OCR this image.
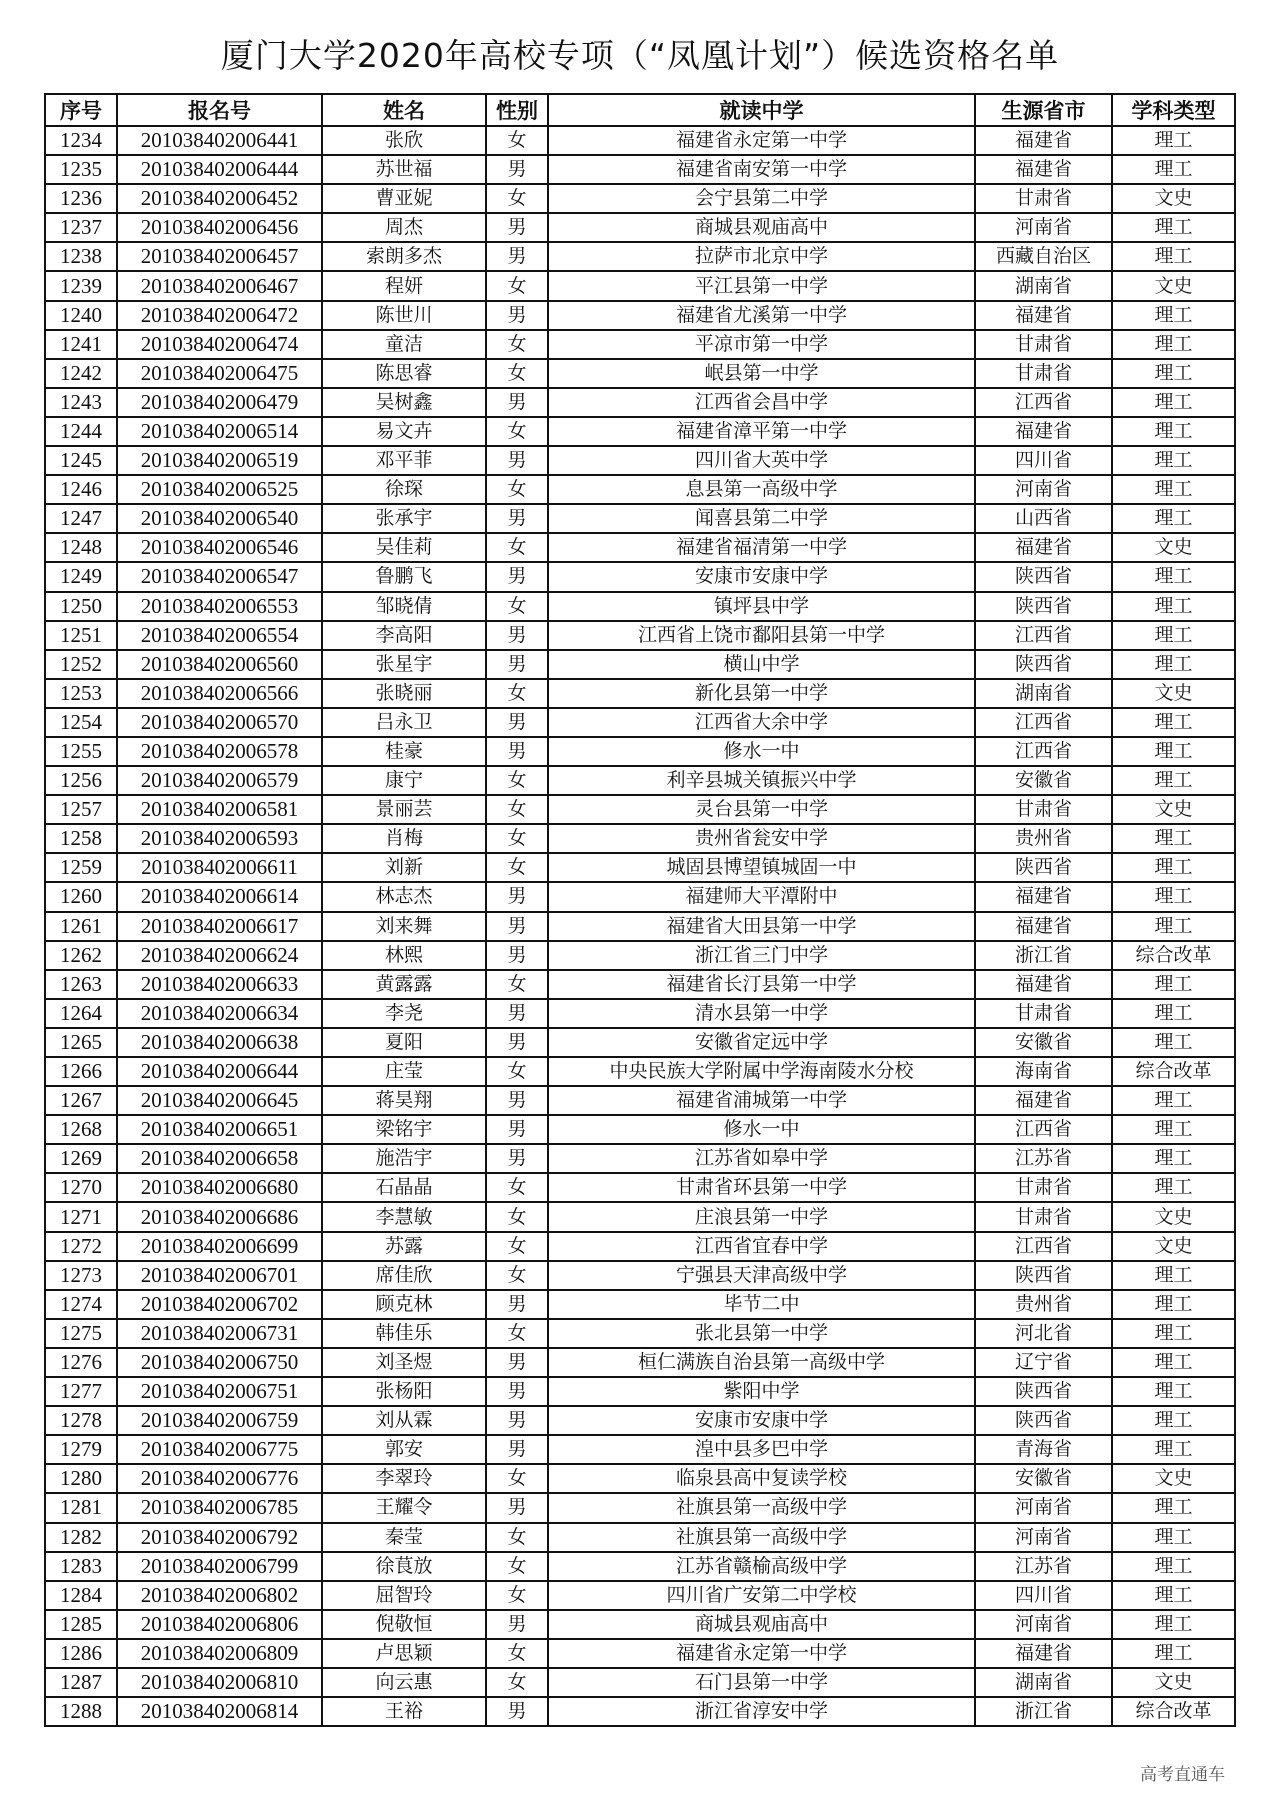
厦门大学2020年高校专项（“凤凰计划”）候选资格名单
序号	报名号	姓名	性别	就读中学	生源省市	学科类型
1234	201038402006441	张欣	女	福建省永定第一中学	福建省	理工
1235	201038402006444	苏世福	男	福建省南安第一中学	福建省	理工
1236	201038402006452	曹亚妮	女	会宁县第二中学	甘肃省	文史
1237	201038402006456	周杰	男	商城县观庙高中	河南省	理工
1238	201038402006457	索朗多杰	男	拉萨市北京中学	西藏自治区	理工
1239	201038402006467	程妍	女	平江县第一中学	湖南省	文史
1240	201038402006472	陈世川	男	福建省尤溪第一中学	福建省	理工
1241	201038402006474	童洁	女	平凉市第一中学	甘肃省	理工
1242	201038402006475	陈思睿	女	岷县第一中学	甘肃省	理工
1243	201038402006479	吴树鑫	男	江西省会昌中学	江西省	理工
1244	201038402006514	易文卉	女	福建省漳平第一中学	福建省	理工
1245	201038402006519	邓平菲	男	四川省大英中学	四川省	理工
1246	201038402006525	徐琛	女	息县第一高级中学	河南省	理工
1247	201038402006540	张承宇	男	闻喜县第二中学	山西省	理工
1248	201038402006546	吴佳莉	女	福建省福清第一中学	福建省	文史
1249	201038402006547	鲁鹏飞	男	安康市安康中学	陕西省	理工
1250	201038402006553	邹晓倩	女	镇坪县中学	陕西省	理工
1251	201038402006554	李高阳	男	江西省上饶市鄱阳县第一中学	江西省	理工
1252	201038402006560	张星宇	男	横山中学	陕西省	理工
1253	201038402006566	张晓丽	女	新化县第一中学	湖南省	文史
1254	201038402006570	吕永卫	男	江西省大余中学	江西省	理工
1255	201038402006578	桂豪	男	修水一中	江西省	理工
1256	201038402006579	康宁	女	利辛县城关镇振兴中学	安徽省	理工
1257	201038402006581	景丽芸	女	灵台县第一中学	甘肃省	文史
1258	201038402006593	肖梅	女	贵州省瓮安中学	贵州省	理工
1259	201038402006611	刘新	女	城固县博望镇城固一中	陕西省	理工
1260	201038402006614	林志杰	男	福建师大平潭附中	福建省	理工
1261	201038402006617	刘来舞	男	福建省大田县第一中学	福建省	理工
1262	201038402006624	林熙	男	浙江省三门中学	浙江省	综合改革
1263	201038402006633	黄露露	女	福建省长汀县第一中学	福建省	理工
1264	201038402006634	李尧	男	清水县第一中学	甘肃省	理工
1265	201038402006638	夏阳	男	安徽省定远中学	安徽省	理工
1266	201038402006644	庄莹	女	中央民族大学附属中学海南陵水分校	海南省	综合改革
1267	201038402006645	蒋昊翔	男	福建省浦城第一中学	福建省	理工
1268	201038402006651	梁铭宇	男	修水一中	江西省	理工
1269	201038402006658	施浩宇	男	江苏省如皋中学	江苏省	理工
1270	201038402006680	石晶晶	女	甘肃省环县第一中学	甘肃省	理工
1271	201038402006686	李慧敏	女	庄浪县第一中学	甘肃省	文史
1272	201038402006699	苏露	女	江西省宜春中学	江西省	文史
1273	201038402006701	席佳欣	女	宁强县天津高级中学	陕西省	理工
1274	201038402006702	顾克林	男	毕节二中	贵州省	理工
1275	201038402006731	韩佳乐	女	张北县第一中学	河北省	理工
1276	201038402006750	刘圣煜	男	桓仁满族自治县第一高级中学	辽宁省	理工
1277	201038402006751	张杨阳	男	紫阳中学	陕西省	理工
1278	201038402006759	刘从霖	男	安康市安康中学	陕西省	理工
1279	201038402006775	郭安	男	湟中县多巴中学	青海省	理工
1280	201038402006776	李翠玲	女	临泉县高中复读学校	安徽省	文史
1281	201038402006785	王耀令	男	社旗县第一高级中学	河南省	理工
1282	201038402006792	秦莹	女	社旗县第一高级中学	河南省	理工
1283	201038402006799	徐茛放	女	江苏省赣榆高级中学	江苏省	理工
1284	201038402006802	屈智玲	女	四川省广安第二中学校	四川省	理工
1285	201038402006806	倪敬恒	男	商城县观庙高中	河南省	理工
1286	201038402006809	卢思颖	女	福建省永定第一中学	福建省	理工
1287	201038402006810	向云惠	女	石门县第一中学	湖南省	文史
1288	201038402006814	王裕	男	浙江省淳安中学	浙江省	综合改革
高考直通车
